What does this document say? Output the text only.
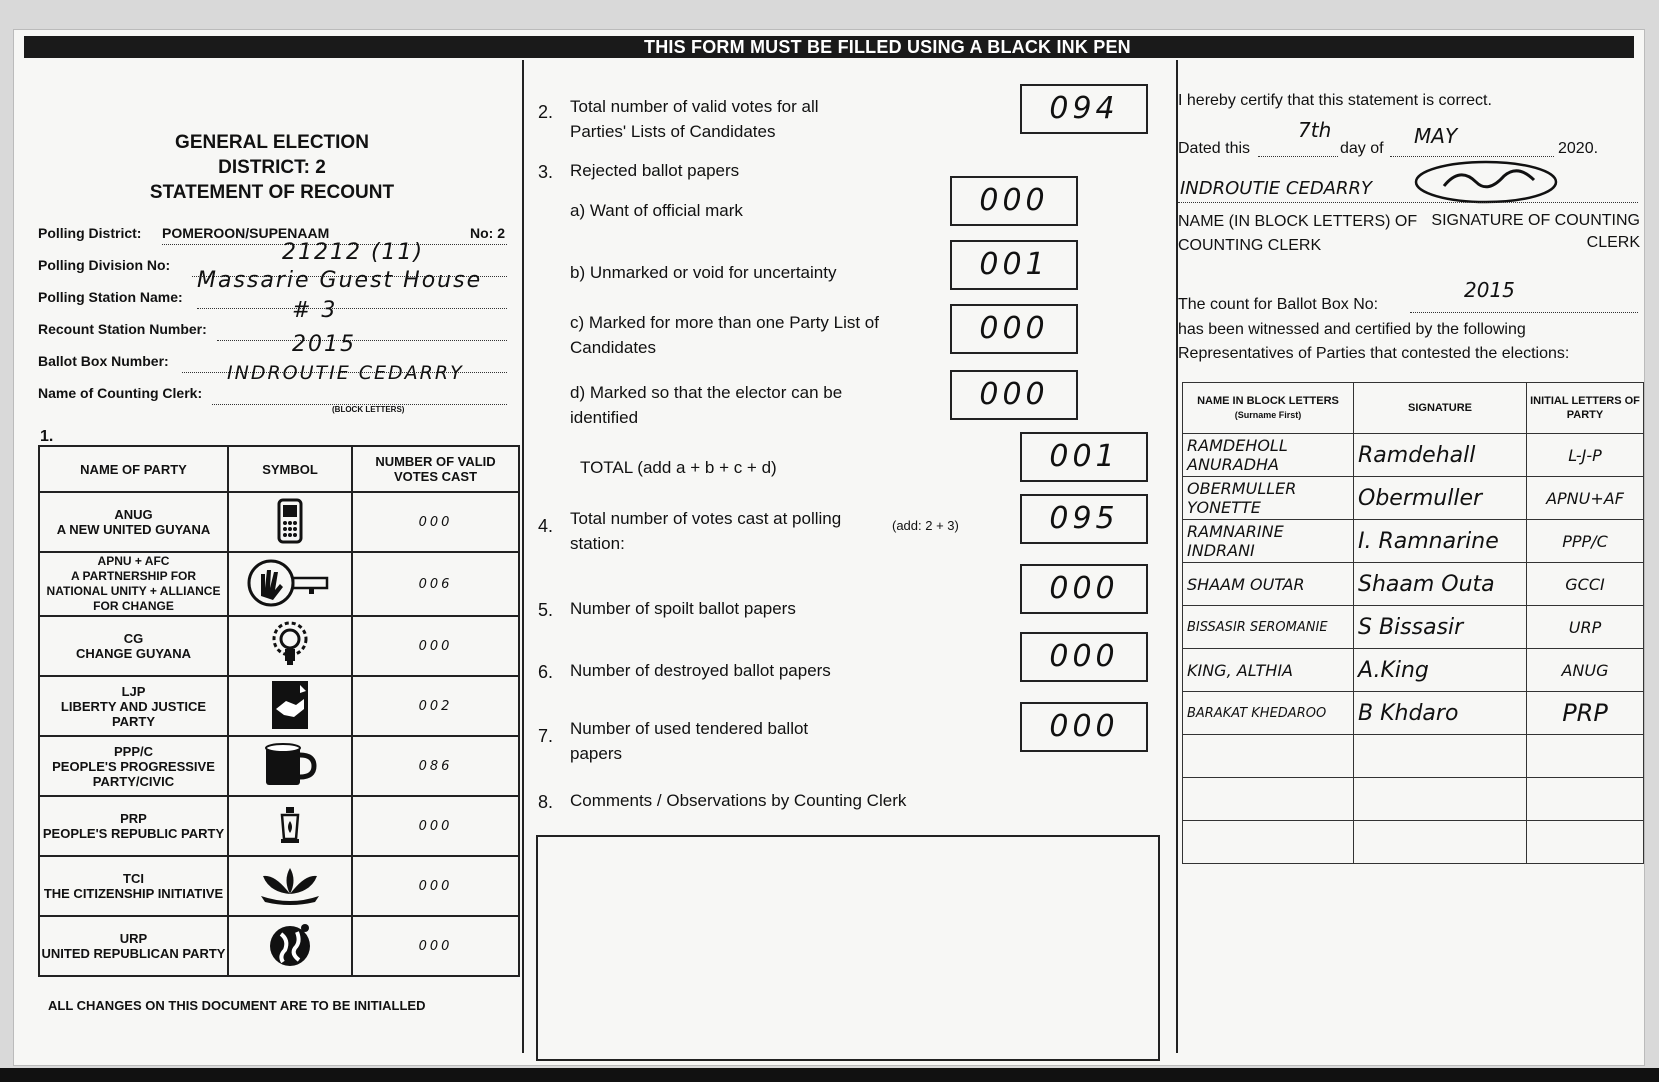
THIS FORM MUST BE FILLED USING A BLACK INK PEN
GENERAL ELECTION
DISTRICT: 2
STATEMENT OF RECOUNT
Polling District: POMEROON/SUPENAAM	No: 2
Polling Division No:	21212 (11)
Polling Station Name:
Massarie Guest House
Recount Station Number:
# 3
Ballot Box Number:
2015
Name of Counting Clerk:
INDROUTIE CEDARRY
(BLOCK LETTERS)
1.
NAME OF PARTY	SYMBOL	NUMBER OF VALID VOTES CAST
ANUG
A NEW UNITED GUYANA		000
APNU + AFC
A PARTNERSHIP FOR NATIONAL UNITY + ALLIANCE FOR CHANGE		006
CG
CHANGE GUYANA		000
LJP
LIBERTY AND JUSTICE PARTY		002
PPP/C
PEOPLE'S PROGRESSIVE PARTY/CIVIC		086
PRP
PEOPLE'S REPUBLIC PARTY		000
TCI
THE CITIZENSHIP INITIATIVE		000
URP
UNITED REPUBLICAN PARTY		000
ALL CHANGES ON THIS DOCUMENT ARE TO BE INITIALLED
2. Total number of valid votes for all Parties' Lists of Candidates
094
3. Rejected ballot papers
a) Want of official mark	000
b) Unmarked or void for uncertainty	001
c) Marked for more than one Party List of Candidates
000
d) Marked so that the elector can be identified
000
TOTAL (add a + b + c + d)	001
4. Total number of votes cast at polling station:
(add: 2 + 3)	095
5. Number of spoilt ballot papers
000
6. Number of destroyed ballot papers	000
7. Number of used tendered ballot papers
000
8. Comments / Observations by Counting Clerk
I hereby certify that this statement is correct.
Dated this
7th
day of
MAY
2020.
INDROUTIE CEDARRY
NAME (IN BLOCK LETTERS) OF COUNTING CLERK
SIGNATURE OF COUNTING CLERK
The count for Ballot Box No:
2015
has been witnessed and certified by the following Representatives of Parties that contested the elections:
NAME IN BLOCK LETTERS
(Surname First)	SIGNATURE	INITIAL LETTERS OF PARTY
RAMDEHOLL ANURADHA	Ramdehall	L-J-P
OBERMULLER YONETTE	Obermuller	APNU+AF
RAMNARINE INDRANI	I. Ramnarine	PPP/C
SHAAM OUTAR	Shaam Outa	GCCI
BISSASIR SEROMANIE	S Bissasir	URP
KING, ALTHIA	A.King	ANUG
BARAKAT KHEDAROO	B Khdaro	PRP
